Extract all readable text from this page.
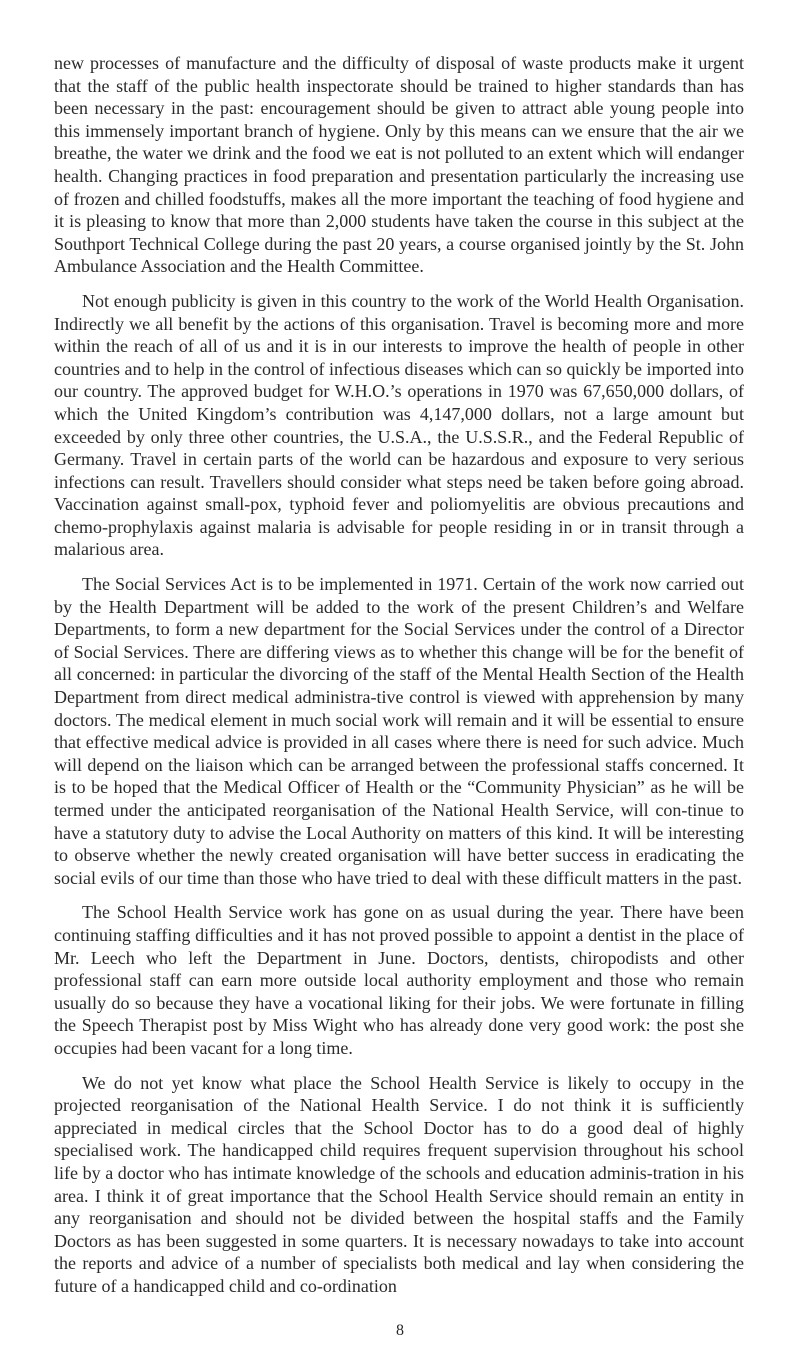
new processes of manufacture and the difficulty of disposal of waste products make it urgent that the staff of the public health inspectorate should be trained to higher standards than has been necessary in the past: encouragement should be given to attract able young people into this immensely important branch of hygiene. Only by this means can we ensure that the air we breathe, the water we drink and the food we eat is not polluted to an extent which will endanger health. Changing practices in food preparation and presentation particularly the increasing use of frozen and chilled foodstuffs, makes all the more important the teaching of food hygiene and it is pleasing to know that more than 2,000 students have taken the course in this subject at the Southport Technical College during the past 20 years, a course organised jointly by the St. John Ambulance Association and the Health Committee.

Not enough publicity is given in this country to the work of the World Health Organisation. Indirectly we all benefit by the actions of this organisation. Travel is becoming more and more within the reach of all of us and it is in our interests to improve the health of people in other countries and to help in the control of infectious diseases which can so quickly be imported into our country. The approved budget for W.H.O.’s operations in 1970 was 67,650,000 dollars, of which the United Kingdom’s contribution was 4,147,000 dollars, not a large amount but exceeded by only three other countries, the U.S.A., the U.S.S.R., and the Federal Republic of Germany. Travel in certain parts of the world can be hazardous and exposure to very serious infections can result. Travellers should consider what steps need be taken before going abroad. Vaccination against small-pox, typhoid fever and poliomyelitis are obvious precautions and chemo-prophylaxis against malaria is advisable for people residing in or in transit through a malarious area.

The Social Services Act is to be implemented in 1971. Certain of the work now carried out by the Health Department will be added to the work of the present Children’s and Welfare Departments, to form a new department for the Social Services under the control of a Director of Social Services. There are differing views as to whether this change will be for the benefit of all concerned: in particular the divorcing of the staff of the Mental Health Section of the Health Department from direct medical administra-tive control is viewed with apprehension by many doctors. The medical element in much social work will remain and it will be essential to ensure that effective medical advice is provided in all cases where there is need for such advice. Much will depend on the liaison which can be arranged between the professional staffs concerned. It is to be hoped that the Medical Officer of Health or the “Community Physician” as he will be termed under the anticipated reorganisation of the National Health Service, will con-tinue to have a statutory duty to advise the Local Authority on matters of this kind. It will be interesting to observe whether the newly created organisation will have better success in eradicating the social evils of our time than those who have tried to deal with these difficult matters in the past.

The School Health Service work has gone on as usual during the year. There have been continuing staffing difficulties and it has not proved possible to appoint a dentist in the place of Mr. Leech who left the Department in June. Doctors, dentists, chiropodists and other professional staff can earn more outside local authority employment and those who remain usually do so because they have a vocational liking for their jobs. We were fortunate in filling the Speech Therapist post by Miss Wight who has already done very good work: the post she occupies had been vacant for a long time.

We do not yet know what place the School Health Service is likely to occupy in the projected reorganisation of the National Health Service. I do not think it is sufficiently appreciated in medical circles that the School Doctor has to do a good deal of highly specialised work. The handicapped child requires frequent supervision throughout his school life by a doctor who has intimate knowledge of the schools and education adminis-tration in his area. I think it of great importance that the School Health Service should remain an entity in any reorganisation and should not be divided between the hospital staffs and the Family Doctors as has been suggested in some quarters. It is necessary nowadays to take into account the reports and advice of a number of specialists both medical and lay when considering the future of a handicapped child and co-ordination

8
